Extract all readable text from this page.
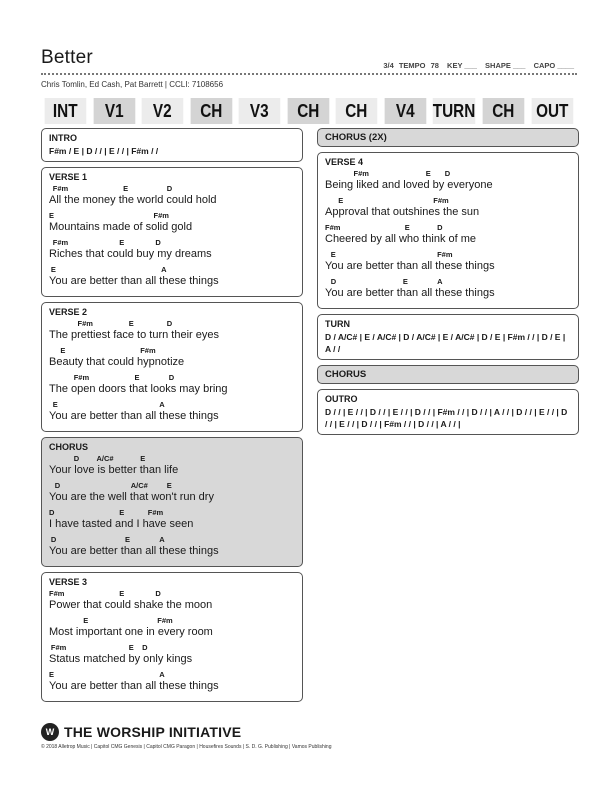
Better	3/4 TEMPO 78 KEY ___ SHAPE ___ CAPO ____
Chris Tomlin, Ed Cash, Pat Barrett | CCLI: 7108656
INT	V1	V2	CH	V3	CH	CH	V4	TURN CH	OUT
INTRO
F#m / E | D / / | E / / | F#m / /
VERSE 1
F#m	E	D
All the money the world could hold
E	F#m
Mountains made of solid gold
F#m	E	D
Riches that could buy my dreams
E	A
You are better than all these things
VERSE 2
F#m	E	D
The prettiest face to turn their eyes
E	F#m
Beauty that could hypnotize
F#m	E	D
The open doors that looks may bring
E	A
You are better than all these things
CHORUS
D A/C#	E
Your love is better than life
D	A/C#	E
You are the well that won't run dry
D	E	F#m
I have tasted and I have seen
D	E	A
You are better than all these things
VERSE 3
F#m	E	D
Power that could shake the moon
E	F#m
Most important one in every room
F#m	E D
Status matched by only kings
E	A
You are better than all these things
CHORUS (2X)
VERSE 4
F#m	E D
Being liked and loved by everyone
E	F#m
Approval that outshines the sun
F#m	E	D
Cheered by all who think of me
E	F#m
You are better than all these things
D	E	A
You are better than all these things
TURN
D / A/C# | E / A/C# | D / A/C# | E / A/C# | D / E | F#m / / | D / E | A / /
CHORUS
OUTRO
D / / | E / / | D / / | E / / | D / / | F#m / / | D / / | A / / | D / / | E / / | D / / | E / / | D / / | F#m / / | D / / | A / / |
W THE WORSHIP INITIATIVE
© 2018 Alletrop Music | Capitol CMG Genesis | Capitol CMG Paragon | Housefires Sounds | S. D. G. Publishing | Vamos Publishing
